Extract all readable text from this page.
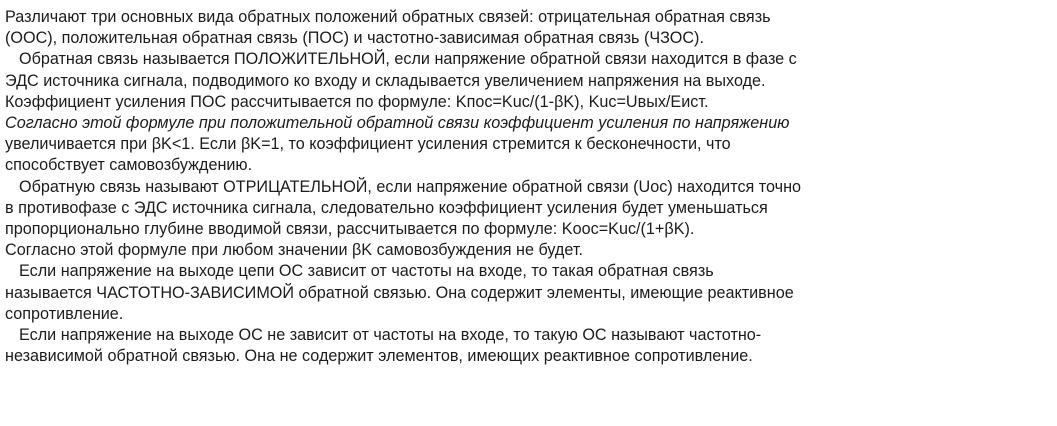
Различают три основных вида обратных положений обратных связей: отрицательная обратная связь
(ООС), положительная обратная связь (ПОС) и частотно-зависимая обратная связь (ЧЗОС).
Обратная связь называется ПОЛОЖИТЕЛЬНОЙ, если напряжение обратной связи находится в фазе с
ЭДС источника сигнала, подводимого ко входу и складывается увеличением напряжения на выходе.
Коэффициент усиления ПОС рассчитывается по формуле: Kпос=Kuc/(1-βK), Kuc=Uвых/Eист.
Согласно этой формуле при положительной обратной связи коэффициент усиления по напряжению
увеличивается при βK<1. Если βK=1, то коэффициент усиления стремится к бесконечности, что
способствует самовозбуждению.
Обратную связь называют ОТРИЦАТЕЛЬНОЙ, если напряжение обратной связи (Uос) находится точно
в противофазе с ЭДС источника сигнала, следовательно коэффициент усиления будет уменьшаться
пропорционально глубине вводимой связи, рассчитывается по формуле: Kоос=Kuc/(1+βK).
Согласно этой формуле при любом значении βK самовозбуждения не будет.
Если напряжение на выходе цепи ОС зависит от частоты на входе, то такая обратная связь
называется ЧАСТОТНО-ЗАВИСИМОЙ обратной связью. Она содержит элементы, имеющие реактивное
сопротивление.
Если напряжение на выходе ОС не зависит от частоты на входе, то такую ОС называют частотно-
независимой обратной связью. Она не содержит элементов, имеющих реактивное сопротивление.
